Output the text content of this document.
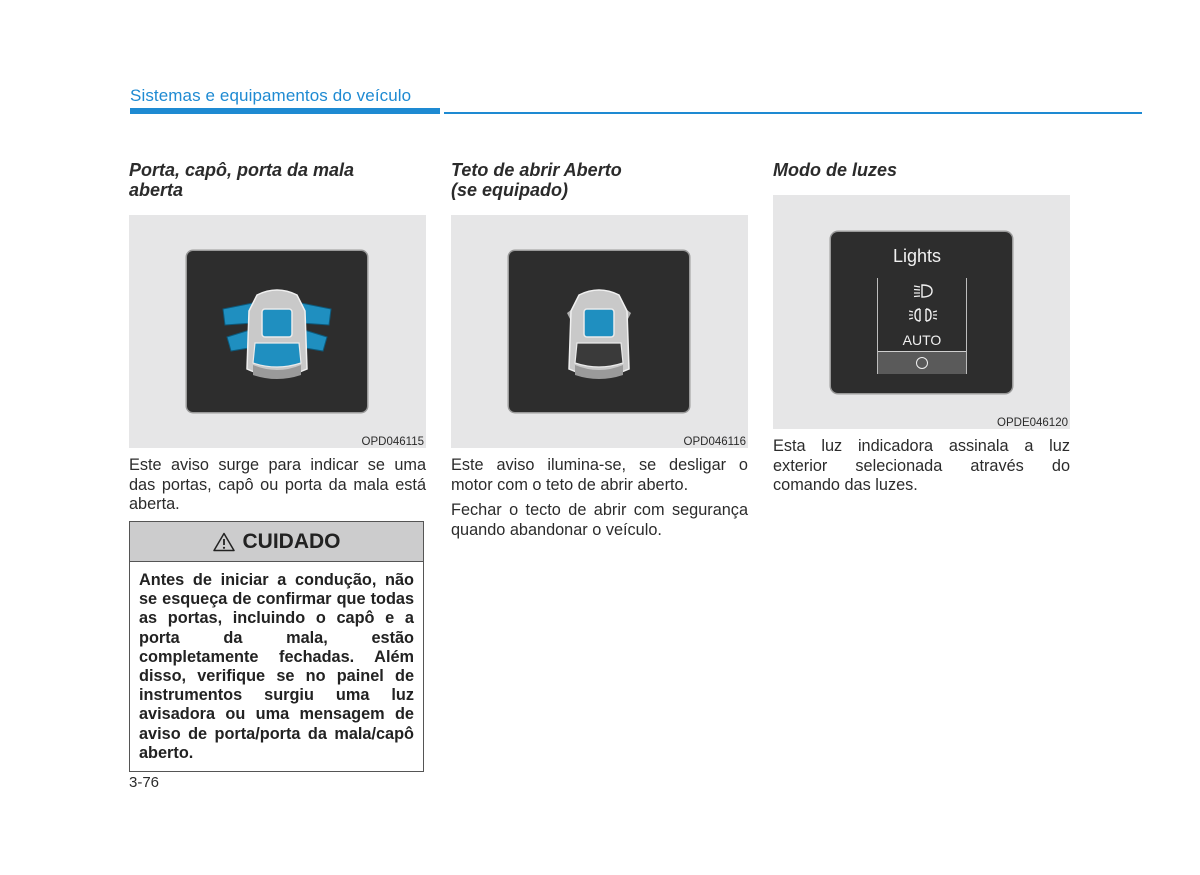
Sistemas e equipamentos do veículo

Porta, capô, porta da mala
aberta

OPD046115

Este aviso surge para indicar se uma das portas, capô ou porta da mala está aberta.

Teto de abrir Aberto
(se equipado)

OPD046116

Este aviso ilumina-se, se desligar o motor com o teto de abrir aberto.

Fechar o tecto de abrir com segurança quando abandonar o veículo.

Modo de luzes

Lights
AUTO
OPDE046120

Esta luz indicadora assinala a luz exterior selecionada através do comando das luzes.

CUIDADO
Antes de iniciar a condução, não se esqueça de confirmar que todas as portas, incluindo o capô e a porta da mala, estão completamente fechadas. Além disso, verifique se no painel de instrumentos surgiu uma luz avisadora ou uma mensagem de aviso de porta/porta da mala/capô aberto.
3-76
